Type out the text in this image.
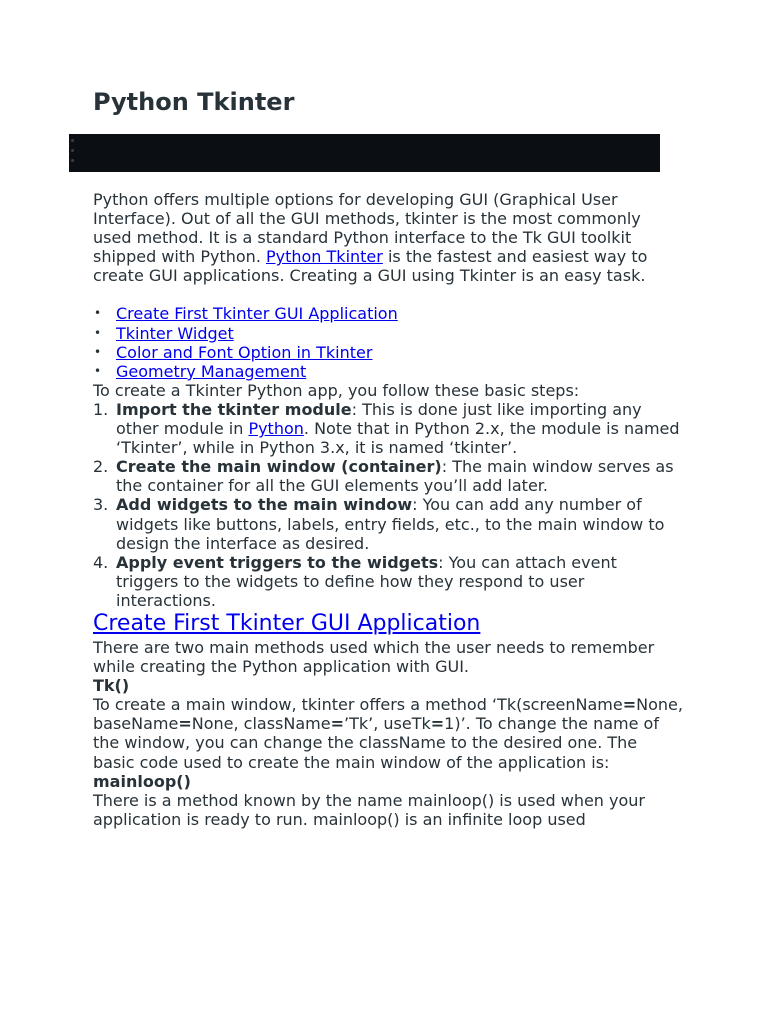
Python Tkinter

Python offers multiple options for developing GUI (Graphical User Interface). Out of all the GUI methods, tkinter is the most commonly used method. It is a standard Python interface to the Tk GUI toolkit shipped with Python. Python Tkinter is the fastest and easiest way to create GUI applications. Creating a GUI using Tkinter is an easy task.

• Create First Tkinter GUI Application
• Tkinter Widget
• Color and Font Option in Tkinter
• Geometry Management

To create a Tkinter Python app, you follow these basic steps:

1. Import the tkinter module: This is done just like importing any other module in Python. Note that in Python 2.x, the module is named ‘Tkinter’, while in Python 3.x, it is named ‘tkinter’.
2. Create the main window (container): The main window serves as the container for all the GUI elements you’ll add later.
3. Add widgets to the main window: You can add any number of widgets like buttons, labels, entry fields, etc., to the main window to design the interface as desired.
4. Apply event triggers to the widgets: You can attach event triggers to the widgets to define how they respond to user interactions.
Create First Tkinter GUI Application

There are two main methods used which the user needs to remember while creating the Python application with GUI.

Tk()

To create a main window, tkinter offers a method ‘Tk(screenName=None, baseName=None, className=’Tk’, useTk=1)’. To change the name of the window, you can change the className to the desired one. The basic code used to create the main window of the application is:

mainloop()

There is a method known by the name mainloop() is used when your application is ready to run. mainloop() is an infinite loop used
